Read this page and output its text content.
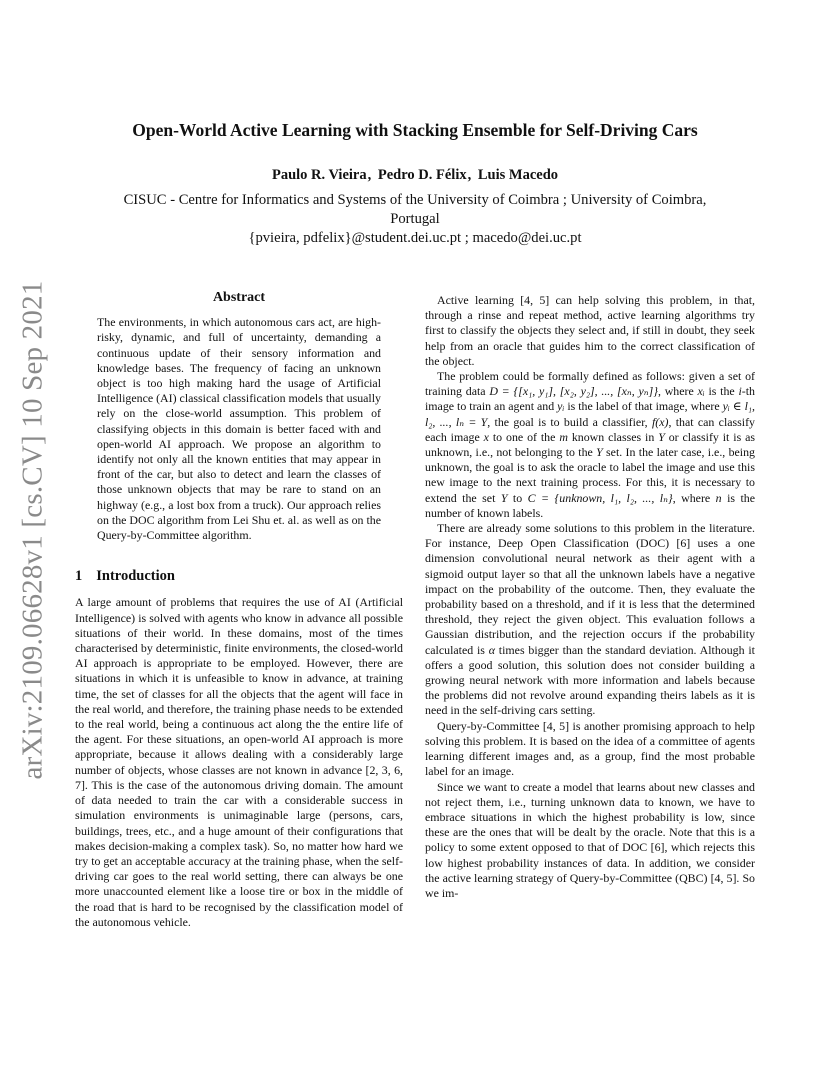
arXiv:2109.06628v1 [cs.CV] 10 Sep 2021
Open-World Active Learning with Stacking Ensemble for Self-Driving Cars
Paulo R. Vieira, Pedro D. Félix, Luis Macedo
CISUC - Centre for Informatics and Systems of the University of Coimbra ; University of Coimbra,
Portugal
{pvieira, pdfelix}@student.dei.uc.pt ; macedo@dei.uc.pt
Abstract

The environments, in which autonomous cars act, are high-risky, dynamic, and full of uncertainty, demanding a continuous update of their sensory information and knowledge bases. The frequency of facing an unknown object is too high making hard the usage of Artificial Intelligence (AI) classical classification models that usually rely on the close-world assumption. This problem of classifying objects in this domain is better faced with and open-world AI approach. We propose an algorithm to identify not only all the known entities that may appear in front of the car, but also to detect and learn the classes of those unknown objects that may be rare to stand on an highway (e.g., a lost box from a truck). Our approach relies on the DOC algorithm from Lei Shu et. al. as well as on the Query-by-Committee algorithm.

1 Introduction

A large amount of problems that requires the use of AI (Artificial Intelligence) is solved with agents who know in advance all possible situations of their world. In these domains, most of the times characterised by deterministic, finite environments, the closed-world AI approach is appropriate to be employed. However, there are situations in which it is unfeasible to know in advance, at training time, the set of classes for all the objects that the agent will face in the real world, and therefore, the training phase needs to be extended to the real world, being a continuous act along the the entire life of the agent. For these situations, an open-world AI approach is more appropriate, because it allows dealing with a considerably large number of objects, whose classes are not known in advance [2, 3, 6, 7]. This is the case of the autonomous driving domain. The amount of data needed to train the car with a considerable success in simulation environments is unimaginable large (persons, cars, buildings, trees, etc., and a huge amount of their configurations that makes decision-making a complex task). So, no matter how hard we try to get an acceptable accuracy at the training phase, when the self-driving car goes to the real world setting, there can always be one more unaccounted element like a loose tire or box in the middle of the road that is hard to be recognised by the classification model of the autonomous vehicle.

Active learning [4, 5] can help solving this problem, in that, through a rinse and repeat method, active learning algorithms try first to classify the objects they select and, if still in doubt, they seek help from an oracle that guides him to the correct classification of the object.

The problem could be formally defined as follows: given a set of training data D = {[x₁, y₁], [x₂, y₂], ..., [xₙ, yₙ]}, where xᵢ is the i-th image to train an agent and yᵢ is the label of that image, where yᵢ ∈ l₁, l₂, ..., lₙ = Y, the goal is to build a classifier, f(x), that can classify each image x to one of the m known classes in Y or classify it is as unknown, i.e., not belonging to the Y set. In the later case, i.e., being unknown, the goal is to ask the oracle to label the image and use this new image to the next training process. For this, it is necessary to extend the set Y to C = {unknown, l₁, l₂, ..., lₙ}, where n is the number of known labels.

There are already some solutions to this problem in the literature. For instance, Deep Open Classification (DOC) [6] uses a one dimension convolutional neural network as their agent with a sigmoid output layer so that all the unknown labels have a negative impact on the probability of the outcome. Then, they evaluate the probability based on a threshold, and if it is less that the determined threshold, they reject the given object. This evaluation follows a Gaussian distribution, and the rejection occurs if the probability calculated is α times bigger than the standard deviation. Although it offers a good solution, this solution does not consider building a growing neural network with more information and labels because the problems did not revolve around expanding theirs labels as it is need in the self-driving cars setting.

Query-by-Committee [4, 5] is another promising approach to help solving this problem. It is based on the idea of a committee of agents learning different images and, as a group, find the most probable label for an image.

Since we want to create a model that learns about new classes and not reject them, i.e., turning unknown data to known, we have to embrace situations in which the highest probability is low, since these are the ones that will be dealt by the oracle. Note that this is a policy to some extent opposed to that of DOC [6], which rejects this low highest probability instances of data. In addition, we consider the active learning strategy of Query-by-Committee (QBC) [4, 5]. So we im-
